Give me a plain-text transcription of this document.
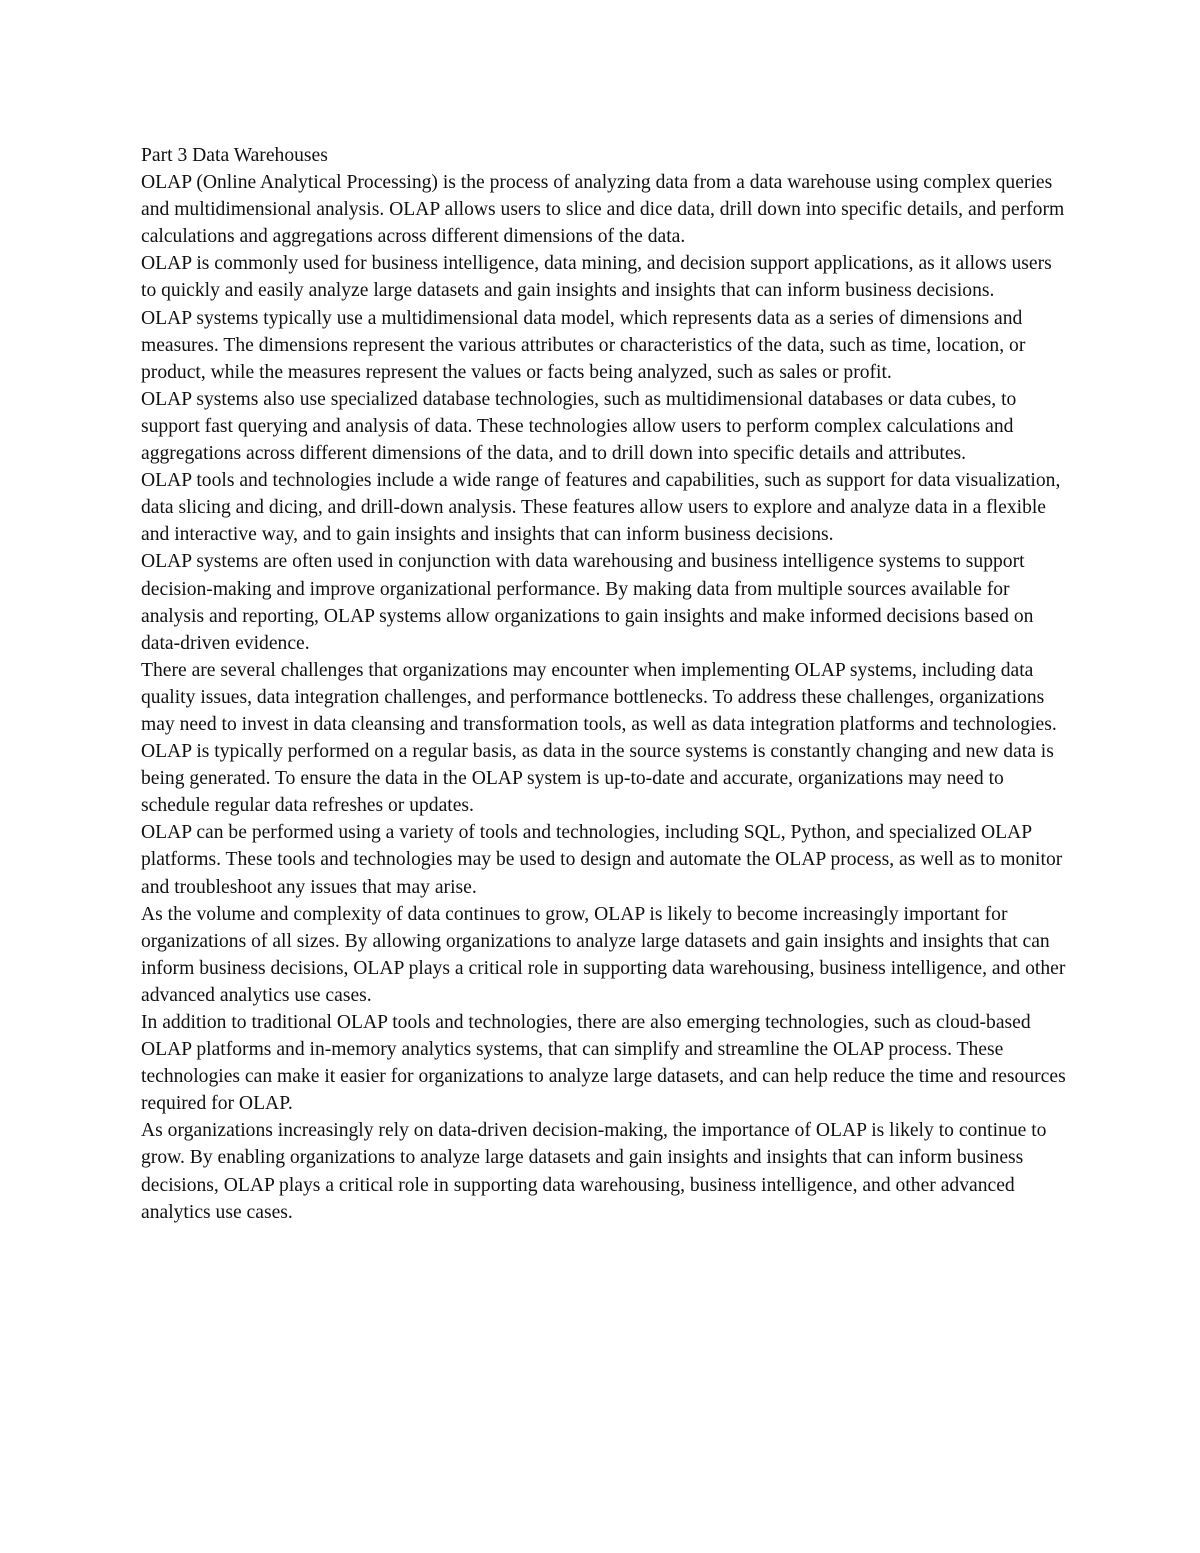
Part 3 Data Warehouses

OLAP (Online Analytical Processing) is the process of analyzing data from a data warehouse using complex queries and multidimensional analysis. OLAP allows users to slice and dice data, drill down into specific details, and perform calculations and aggregations across different dimensions of the data.

OLAP is commonly used for business intelligence, data mining, and decision support applications, as it allows users to quickly and easily analyze large datasets and gain insights and insights that can inform business decisions.

OLAP systems typically use a multidimensional data model, which represents data as a series of dimensions and measures. The dimensions represent the various attributes or characteristics of the data, such as time, location, or product, while the measures represent the values or facts being analyzed, such as sales or profit.

OLAP systems also use specialized database technologies, such as multidimensional databases or data cubes, to support fast querying and analysis of data. These technologies allow users to perform complex calculations and aggregations across different dimensions of the data, and to drill down into specific details and attributes.

OLAP tools and technologies include a wide range of features and capabilities, such as support for data visualization, data slicing and dicing, and drill-down analysis. These features allow users to explore and analyze data in a flexible and interactive way, and to gain insights and insights that can inform business decisions.

OLAP systems are often used in conjunction with data warehousing and business intelligence systems to support decision-making and improve organizational performance. By making data from multiple sources available for analysis and reporting, OLAP systems allow organizations to gain insights and make informed decisions based on data-driven evidence.

There are several challenges that organizations may encounter when implementing OLAP systems, including data quality issues, data integration challenges, and performance bottlenecks. To address these challenges, organizations may need to invest in data cleansing and transformation tools, as well as data integration platforms and technologies.

OLAP is typically performed on a regular basis, as data in the source systems is constantly changing and new data is being generated. To ensure the data in the OLAP system is up-to-date and accurate, organizations may need to schedule regular data refreshes or updates.

OLAP can be performed using a variety of tools and technologies, including SQL, Python, and specialized OLAP platforms. These tools and technologies may be used to design and automate the OLAP process, as well as to monitor and troubleshoot any issues that may arise.

As the volume and complexity of data continues to grow, OLAP is likely to become increasingly important for organizations of all sizes. By allowing organizations to analyze large datasets and gain insights and insights that can inform business decisions, OLAP plays a critical role in supporting data warehousing, business intelligence, and other advanced analytics use cases.

In addition to traditional OLAP tools and technologies, there are also emerging technologies, such as cloud-based OLAP platforms and in-memory analytics systems, that can simplify and streamline the OLAP process. These technologies can make it easier for organizations to analyze large datasets, and can help reduce the time and resources required for OLAP.

As organizations increasingly rely on data-driven decision-making, the importance of OLAP is likely to continue to grow. By enabling organizations to analyze large datasets and gain insights and insights that can inform business decisions, OLAP plays a critical role in supporting data warehousing, business intelligence, and other advanced analytics use cases.
